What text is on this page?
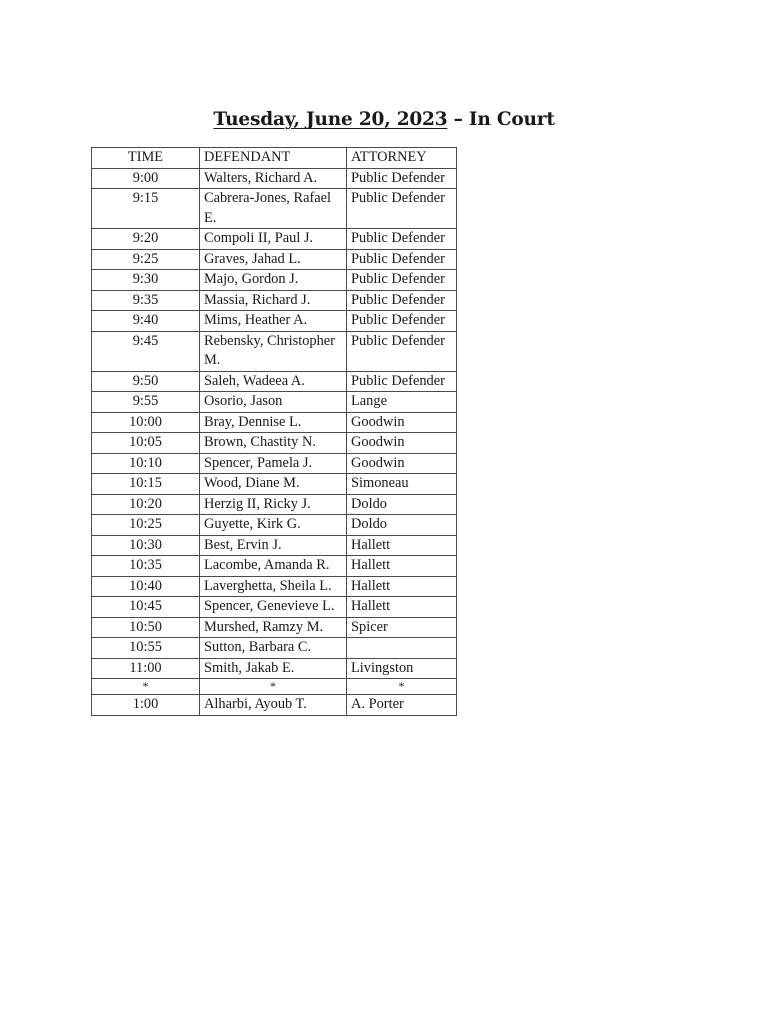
Tuesday, June 20, 2023 – In Court
TIME	DEFENDANT	ATTORNEY
9:00	Walters, Richard A.	Public Defender
9:15	Cabrera-Jones, Rafael E.	Public Defender
9:20	Compoli II, Paul J.	Public Defender
9:25	Graves, Jahad L.	Public Defender
9:30	Majo, Gordon J.	Public Defender
9:35	Massia, Richard J.	Public Defender
9:40	Mims, Heather A.	Public Defender
9:45	Rebensky, Christopher M.	Public Defender
9:50	Saleh, Wadeea A.	Public Defender
9:55	Osorio, Jason	Lange
10:00	Bray, Dennise L.	Goodwin
10:05	Brown, Chastity N.	Goodwin
10:10	Spencer, Pamela J.	Goodwin
10:15	Wood, Diane M.	Simoneau
10:20	Herzig II, Ricky J.	Doldo
10:25	Guyette, Kirk G.	Doldo
10:30	Best, Ervin J.	Hallett
10:35	Lacombe, Amanda R.	Hallett
10:40	Laverghetta, Sheila L.	Hallett
10:45	Spencer, Genevieve L.	Hallett
10:50	Murshed, Ramzy M.	Spicer
10:55	Sutton, Barbara C.	
11:00	Smith, Jakab E.	Livingston
*	*	*
1:00	Alharbi, Ayoub T.	A. Porter
